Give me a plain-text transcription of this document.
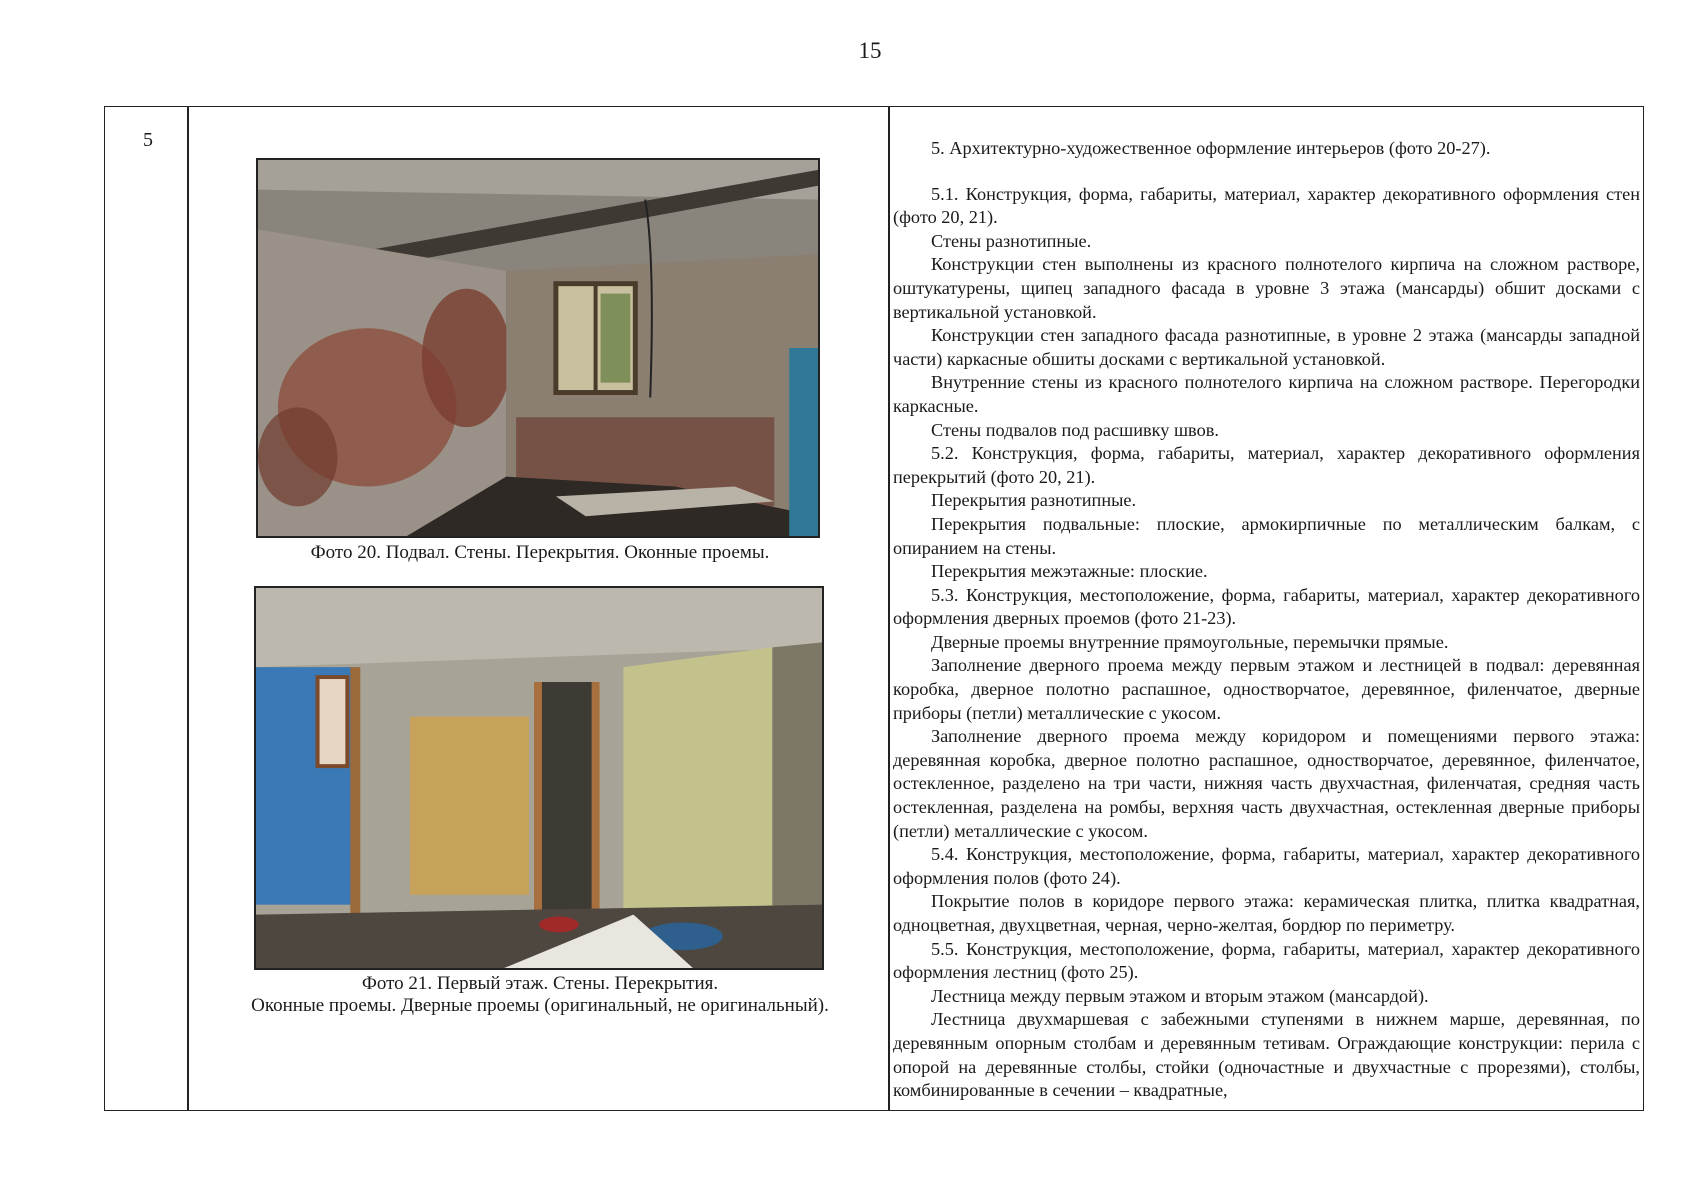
15
5
Фото 20. Подвал. Стены. Перекрытия. Оконные проемы.
Фото 21. Первый этаж. Стены. Перекрытия.
Оконные проемы. Дверные проемы (оригинальный, не оригинальный).

5. Архитектурно-художественное оформление интерьеров (фото 20-27).

5.1. Конструкция, форма, габариты, материал, характер декоративного оформления стен (фото 20, 21).

Стены разнотипные.

Конструкции стен выполнены из красного полнотелого кирпича на сложном растворе, оштукатурены, щипец западного фасада в уровне 3 этажа (мансарды) обшит досками с вертикальной установкой.

Конструкции стен западного фасада разнотипные, в уровне 2 этажа (мансарды западной части) каркасные обшиты досками с вертикальной установкой.

Внутренние стены из красного полнотелого кирпича на сложном растворе. Перегородки каркасные.

Стены подвалов под расшивку швов.

5.2. Конструкция, форма, габариты, материал, характер декоративного оформления перекрытий (фото 20, 21).

Перекрытия разнотипные.

Перекрытия подвальные: плоские, армокирпичные по металлическим балкам, с опиранием на стены.

Перекрытия межэтажные: плоские.

5.3. Конструкция, местоположение, форма, габариты, материал, характер декоративного оформления дверных проемов (фото 21-23).

Дверные проемы внутренние прямоугольные, перемычки прямые.

Заполнение дверного проема между первым этажом и лестницей в подвал: деревянная коробка, дверное полотно распашное, одностворчатое, деревянное, филенчатое, дверные приборы (петли) металлические с укосом.

Заполнение дверного проема между коридором и помещениями первого этажа: деревянная коробка, дверное полотно распашное, одностворчатое, деревянное, филенчатое, остекленное, разделено на три части, нижняя часть двухчастная, филенчатая, средняя часть остекленная, разделена на ромбы, верхняя часть двухчастная, остекленная дверные приборы (петли) металлические с укосом.

5.4. Конструкция, местоположение, форма, габариты, материал, характер декоративного оформления полов (фото 24).

Покрытие полов в коридоре первого этажа: керамическая плитка, плитка квадратная, одноцветная, двухцветная, черная, черно-желтая, бордюр по периметру.

5.5. Конструкция, местоположение, форма, габариты, материал, характер декоративного оформления лестниц (фото 25).

Лестница между первым этажом и вторым этажом (мансардой).

Лестница двухмаршевая с забежными ступенями в нижнем марше, деревянная, по деревянным опорным столбам и деревянным тетивам. Ограждающие конструкции: перила с опорой на деревянные столбы, стойки (одночастные и двухчастные с прорезями), столбы, комбинированные в сечении – квадратные,
